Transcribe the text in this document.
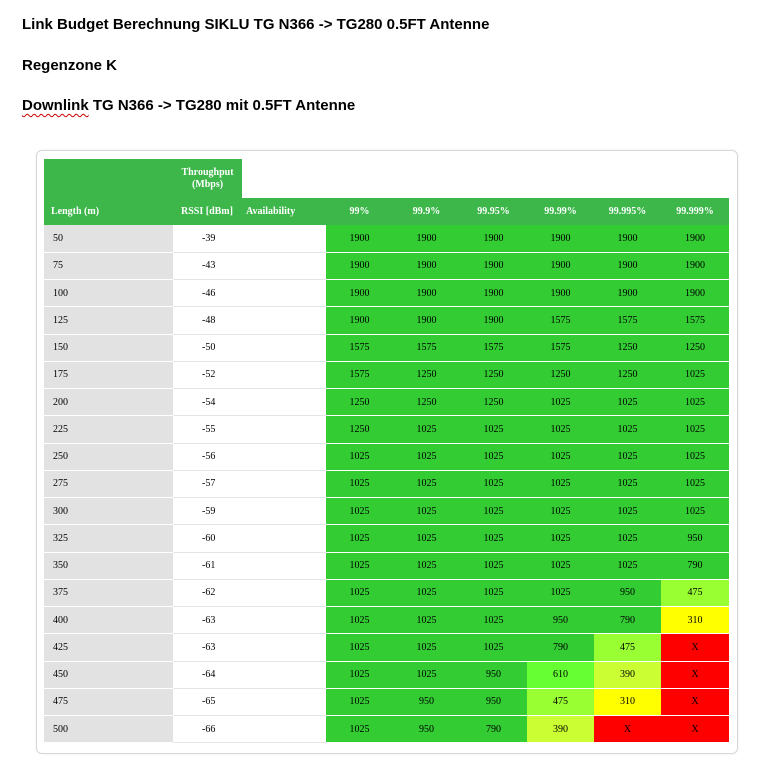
Link Budget Berechnung SIKLU TG N366 -> TG280 0.5FT Antenne
Regenzone K
Downlink TG N366 -> TG280 mit 0.5FT Antenne

	Throughput
(Mbps)							

Length (m)	RSSI [dBm]	Availability	99%	99.9%	99.95%	99.99%	99.995%	99.999%
50	-39		1900	1900	1900	1900	1900	1900
75	-43		1900	1900	1900	1900	1900	1900
100	-46		1900	1900	1900	1900	1900	1900
125	-48		1900	1900	1900	1575	1575	1575
150	-50		1575	1575	1575	1575	1250	1250
175	-52		1575	1250	1250	1250	1250	1025
200	-54		1250	1250	1250	1025	1025	1025
225	-55		1250	1025	1025	1025	1025	1025
250	-56		1025	1025	1025	1025	1025	1025
275	-57		1025	1025	1025	1025	1025	1025
300	-59		1025	1025	1025	1025	1025	1025
325	-60		1025	1025	1025	1025	1025	950
350	-61		1025	1025	1025	1025	1025	790
375	-62		1025	1025	1025	1025	950	475
400	-63		1025	1025	1025	950	790	310
425	-63		1025	1025	1025	790	475	X
450	-64		1025	1025	950	610	390	X
475	-65		1025	950	950	475	310	X
500	-66		1025	950	790	390	X	X
